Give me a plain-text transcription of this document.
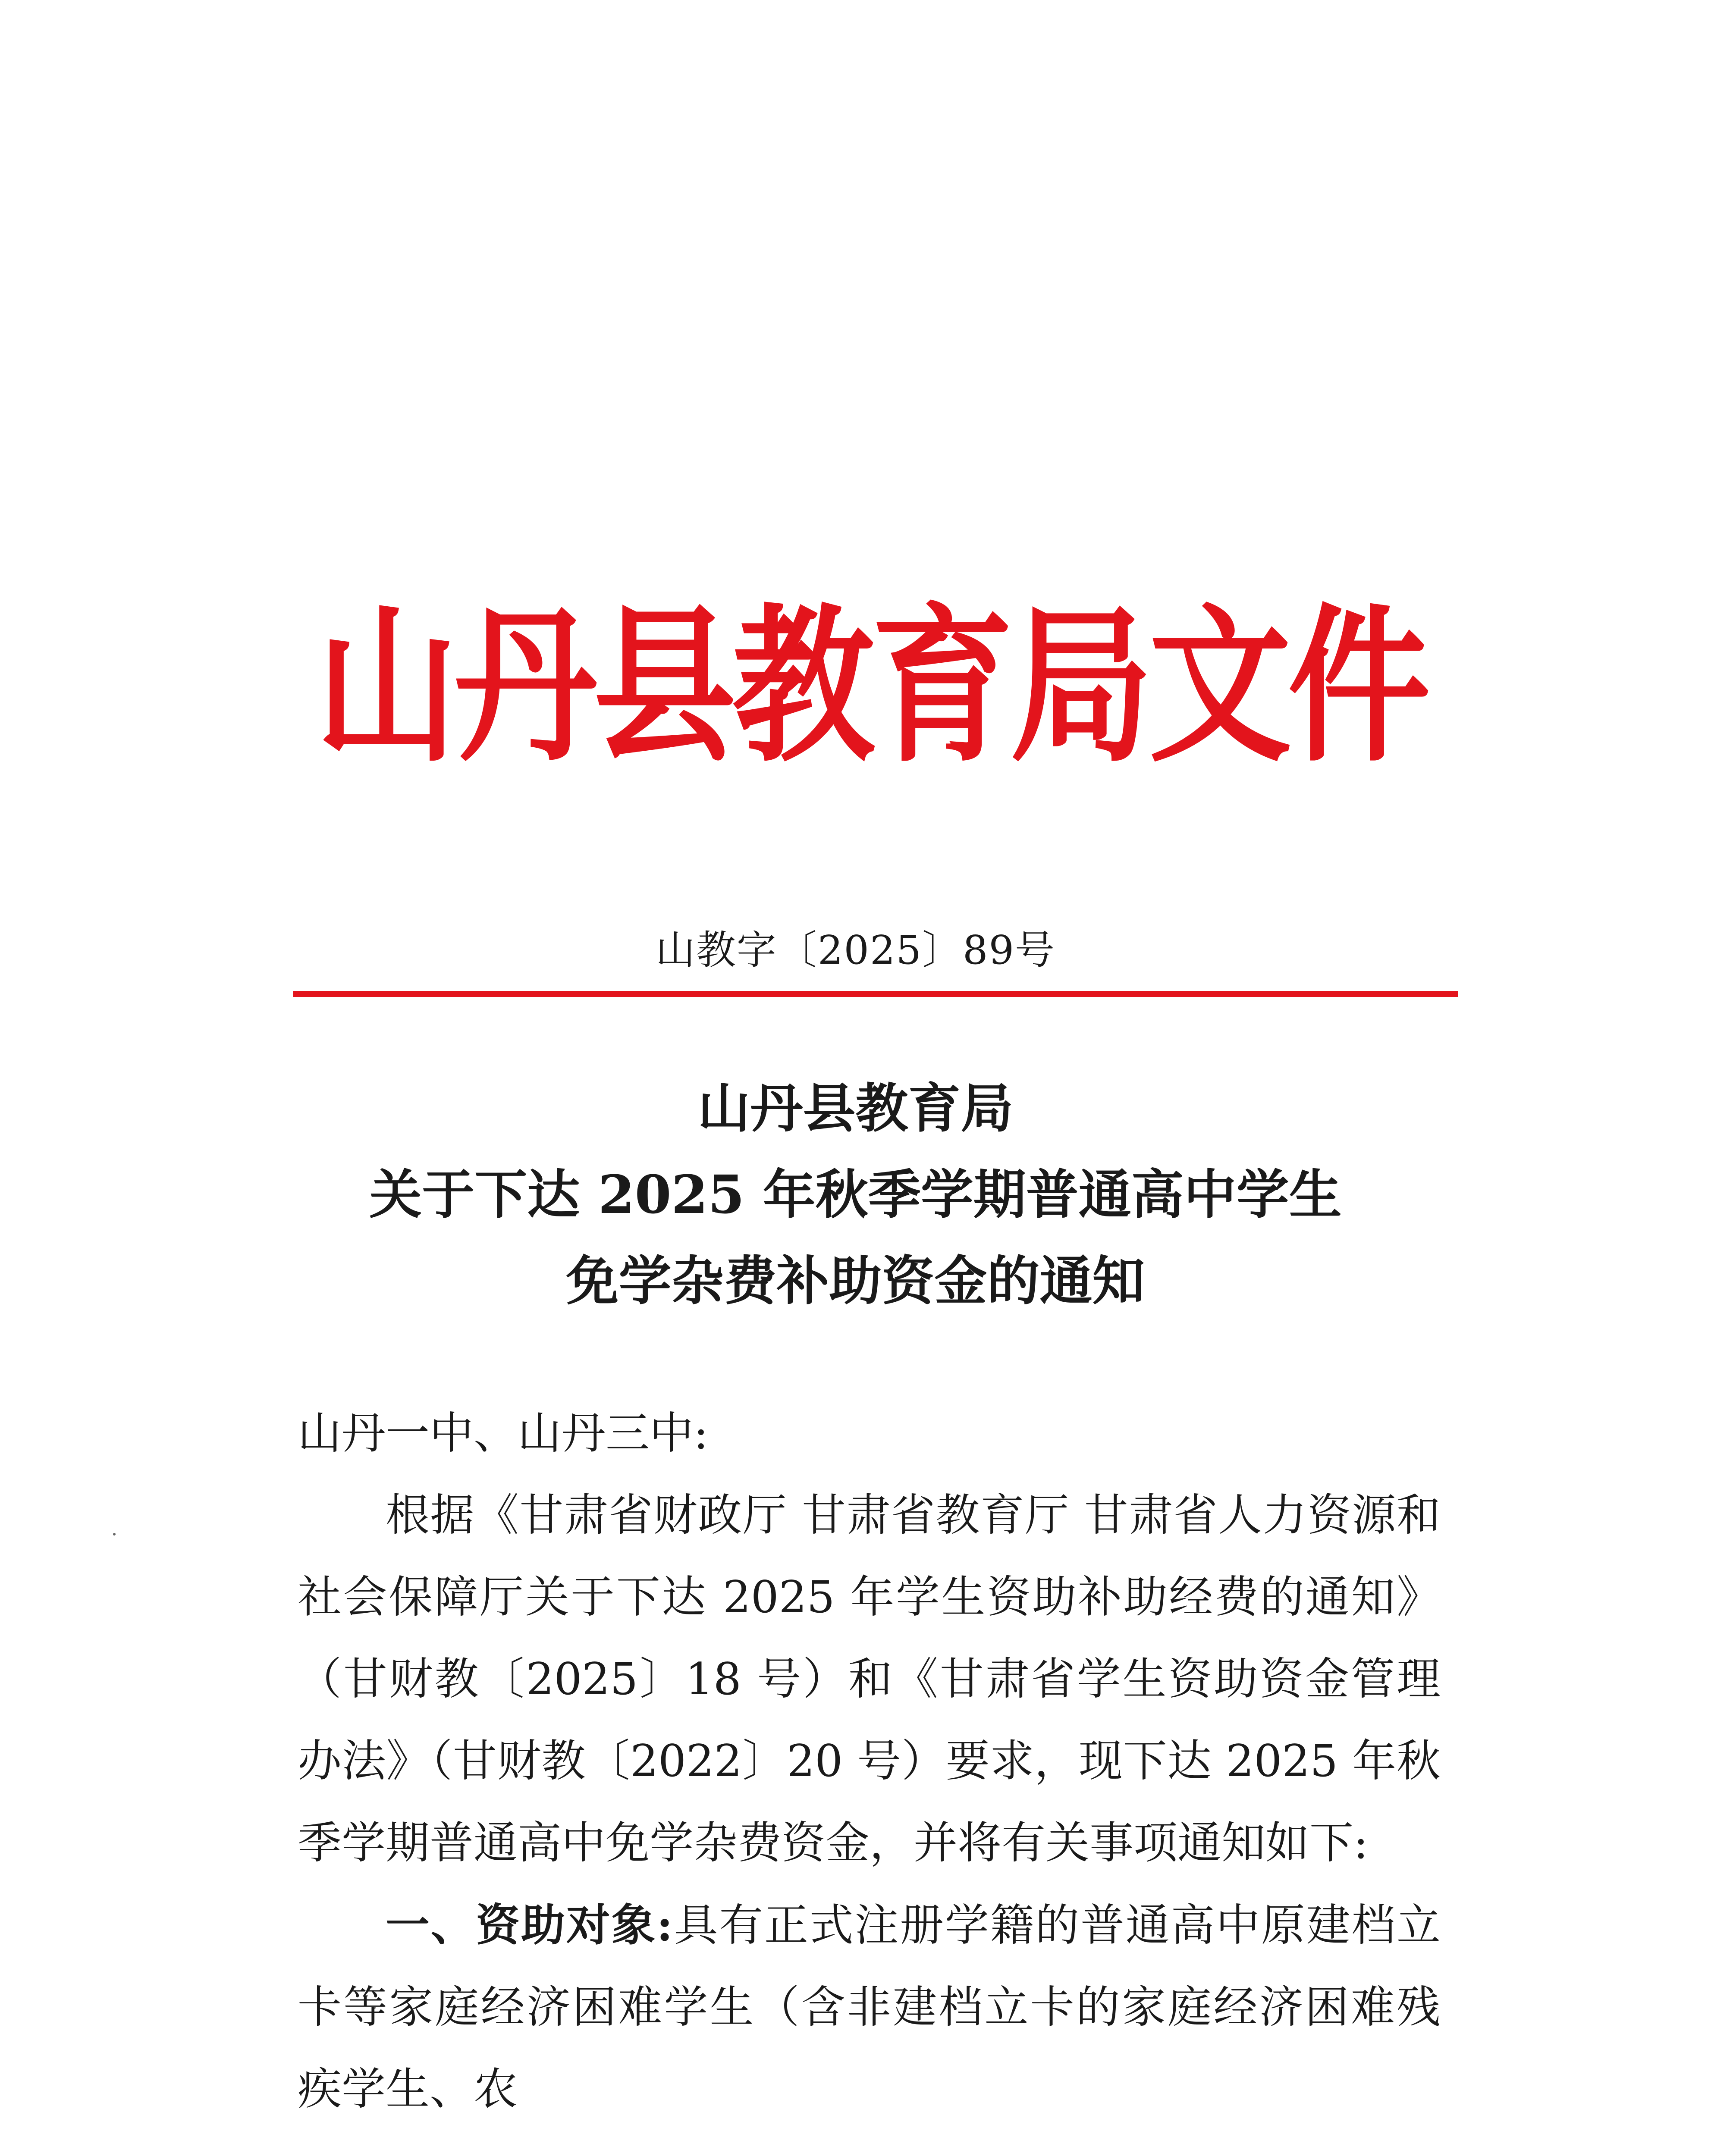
山丹县教育局文件
山教字〔2025〕89号
山丹县教育局
关于下达 2025 年秋季学期普通高中学生
免学杂费补助资金的通知

山丹一中、山丹三中:

根据《甘肃省财政厅 甘肃省教育厅 甘肃省人力资源和社会保障厅关于下达 2025 年学生资助补助经费的通知》（甘财教〔2025〕18 号）和《甘肃省学生资助资金管理办法》（甘财教〔2022〕20 号）要求，现下达 2025 年秋季学期普通高中免学杂费资金，并将有关事项通知如下:

一、资助对象:具有正式注册学籍的普通高中原建档立卡等家庭经济困难学生（含非建档立卡的家庭经济困难残疾学生、农
